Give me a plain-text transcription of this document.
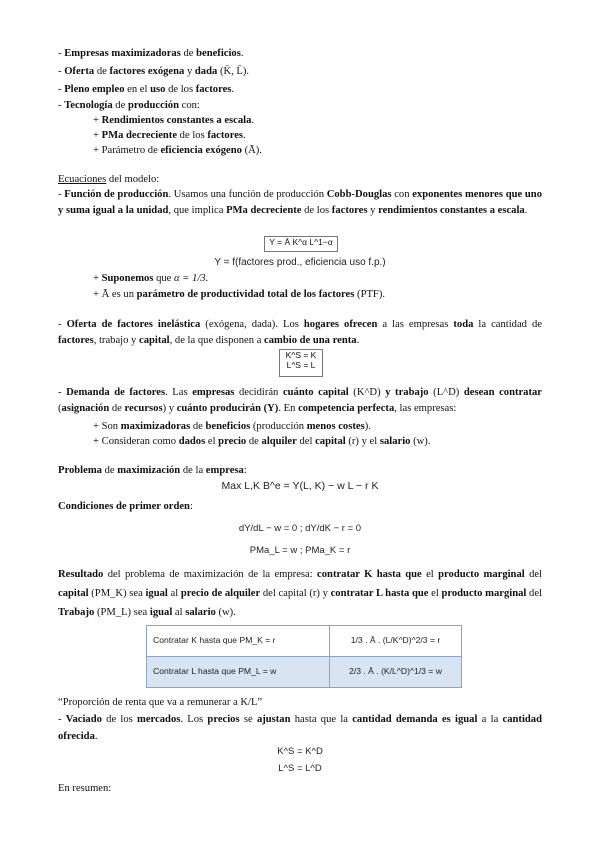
- Empresas maximizadoras de beneficios.
- Oferta de factores exógena y dada (K̄, L̄).
- Pleno empleo en el uso de los factores.
- Tecnología de producción con:
+ Rendimientos constantes a escala.
+ PMa decreciente de los factores.
+ Parámetro de eficiencia exógeno (Ā).
Ecuaciones del modelo:
- Función de producción. Usamos una función de producción Cobb-Douglas con exponentes menores que uno y suma igual a la unidad, que implica PMa decreciente de los factores y rendimientos constantes a escala.
Y = Ā K^α L^1−α
Y = f(factores prod., eficiencia uso f.p.)
+ Suponemos que α = 1/3.
+ Ā es un parámetro de productividad total de los factores (PTF).
- Oferta de factores inelástica (exógena, dada). Los hogares ofrecen a las empresas toda la cantidad de factores, trabajo y capital, de la que disponen a cambio de una renta.
K^S = K
L^S = L
- Demanda de factores. Las empresas decidirán cuánto capital (K^D) y trabajo (L^D) desean contratar (asignación de recursos) y cuánto producirán (Y). En competencia perfecta, las empresas:
+ Son maximizadoras de beneficios (producción menos costes).
+ Consideran como dados el precio de alquiler del capital (r) y el salario (w).
Problema de maximización de la empresa:
Max L,K B^e = Y(L, K) − w L − r K
Condiciones de primer orden:
dY/dL − w = 0 ; dY/dK − r = 0
PMa_L = w ; PMa_K = r
Resultado del problema de maximización de la empresa: contratar K hasta que el producto marginal del capital (PM_K) sea igual al precio de alquiler del capital (r) y contratar L hasta que el producto marginal del Trabajo (PM_L) sea igual al salario (w).
Contratar K hasta que PM_K = r	1/3 . Ā . (L/K^D)^2/3 = r
Contratar L hasta que PM_L = w	2/3 . Ā . (K/L^D)^1/3 = w
“Proporción de renta que va a remunerar a K/L”
- Vaciado de los mercados. Los precios se ajustan hasta que la cantidad demanda es igual a la cantidad ofrecida.
K^S = K^D
L^S = L^D
En resumen:
